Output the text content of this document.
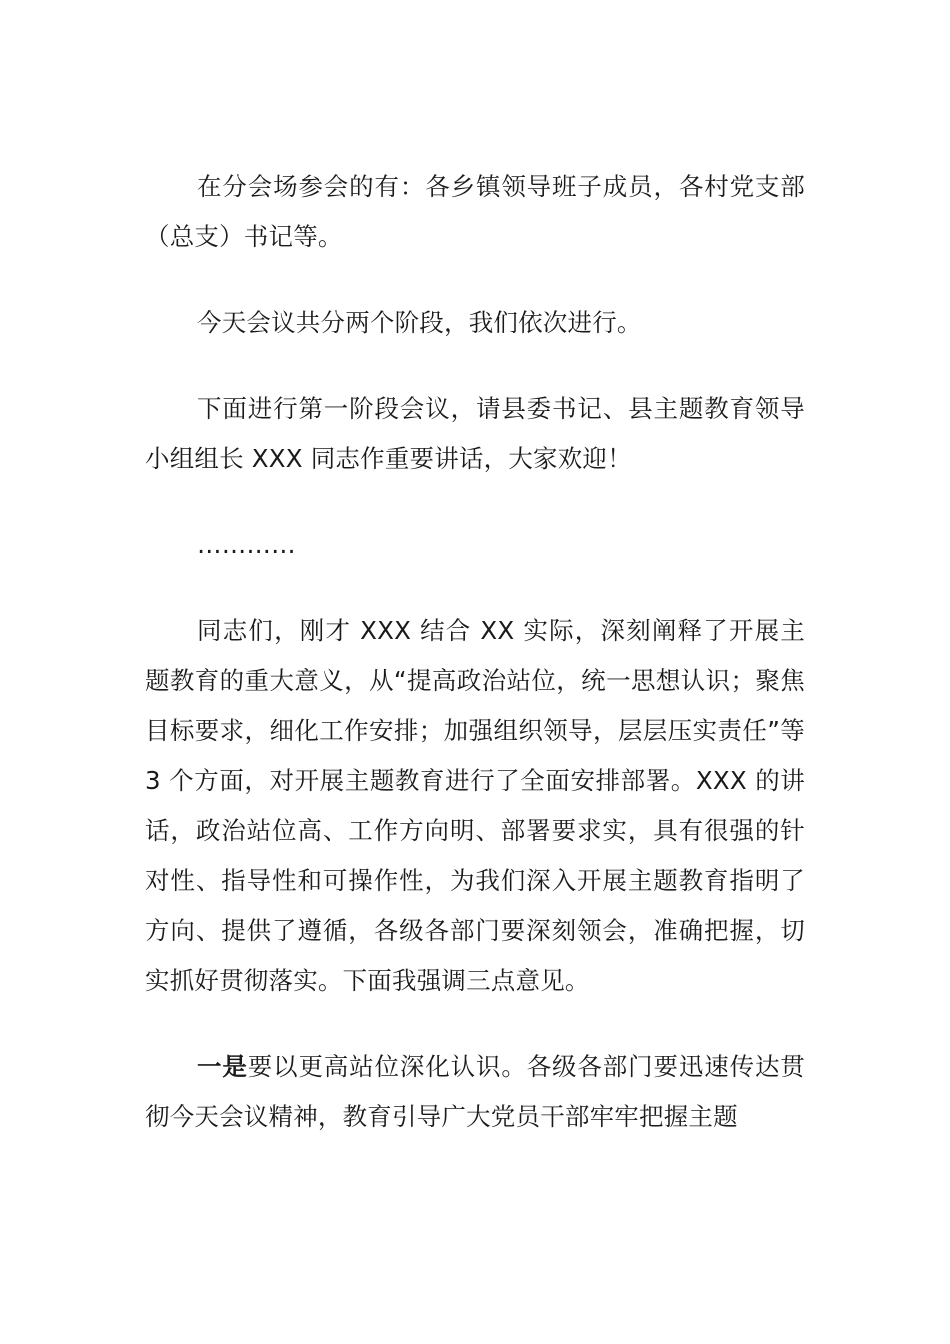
在分会场参会的有：各乡镇领导班子成员，各村党支部（总支）书记等。

今天会议共分两个阶段，我们依次进行。

下面进行第一阶段会议，请县委书记、县主题教育领导小组组长 XXX 同志作重要讲话，大家欢迎！

…………

同志们，刚才 XXX 结合 XX 实际，深刻阐释了开展主题教育的重大意义，从“提高政治站位，统一思想认识；聚焦目标要求，细化工作安排；加强组织领导，层层压实责任”等 3 个方面，对开展主题教育进行了全面安排部署。XXX 的讲话，政治站位高、工作方向明、部署要求实，具有很强的针对性、指导性和可操作性，为我们深入开展主题教育指明了方向、提供了遵循，各级各部门要深刻领会，准确把握，切实抓好贯彻落实。下面我强调三点意见。

一是要以更高站位深化认识。各级各部门要迅速传达贯彻今天会议精神，教育引导广大党员干部牢牢把握主题
